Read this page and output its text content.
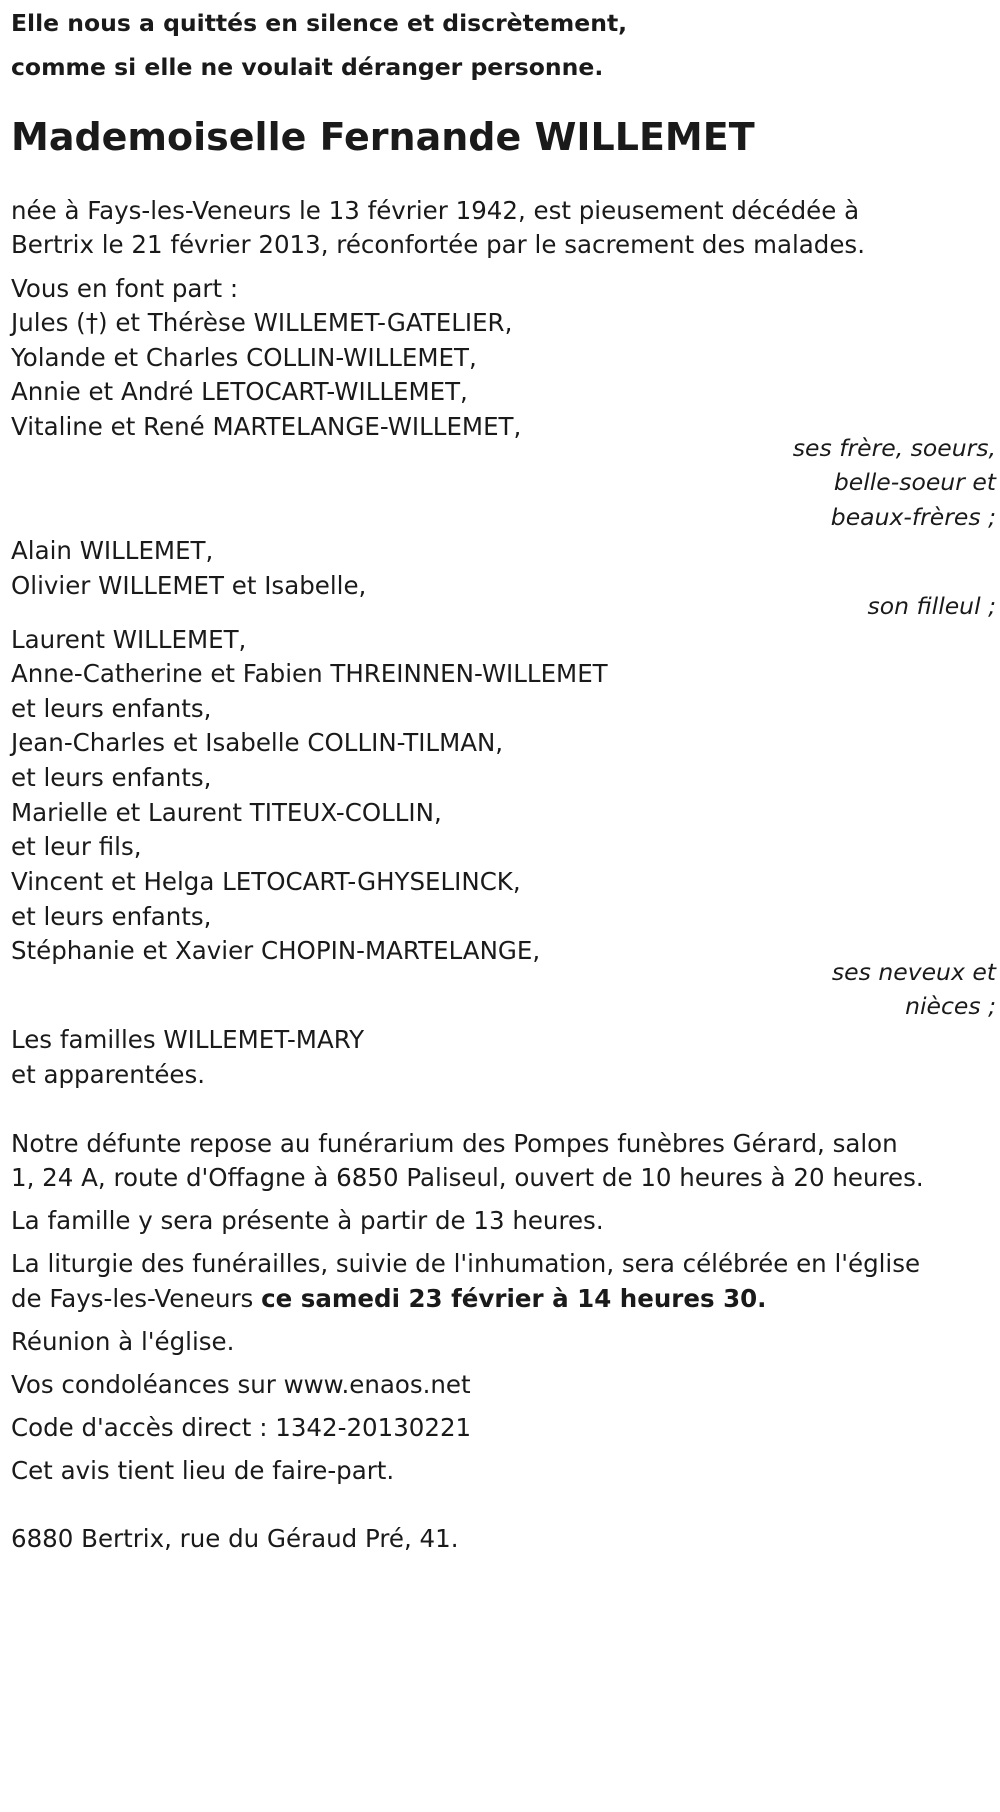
Elle nous a quittés en silence et discrètement,
comme si elle ne voulait déranger personne.
Mademoiselle Fernande WILLEMET
née à Fays-les-Veneurs le 13 février 1942, est pieusement décédée à
Bertrix le 21 février 2013, réconfortée par le sacrement des malades.
Vous en font part :
Jules (†) et Thérèse WILLEMET-GATELIER,
Yolande et Charles COLLIN-WILLEMET,
Annie et André LETOCART-WILLEMET,
Vitaline et René MARTELANGE-WILLEMET,
ses frère, soeurs,
belle-soeur et
beaux-frères ;
Alain WILLEMET,
Olivier WILLEMET et Isabelle,
son filleul ;
Laurent WILLEMET,
Anne-Catherine et Fabien THREINNEN-WILLEMET
et leurs enfants,
Jean-Charles et Isabelle COLLIN-TILMAN,
et leurs enfants,
Marielle et Laurent TITEUX-COLLIN,
et leur fils,
Vincent et Helga LETOCART-GHYSELINCK,
et leurs enfants,
Stéphanie et Xavier CHOPIN-MARTELANGE,
ses neveux et
nièces ;
Les familles WILLEMET-MARY
et apparentées.
Notre défunte repose au funérarium des Pompes funèbres Gérard, salon
1, 24 A, route d'Offagne à 6850 Paliseul, ouvert de 10 heures à 20 heures.
La famille y sera présente à partir de 13 heures.
La liturgie des funérailles, suivie de l'inhumation, sera célébrée en l'église
de Fays-les-Veneurs ce samedi 23 février à 14 heures 30.
Réunion à l'église.
Vos condoléances sur www.enaos.net
Code d'accès direct : 1342-20130221
Cet avis tient lieu de faire-part.
6880 Bertrix, rue du Géraud Pré, 41.
